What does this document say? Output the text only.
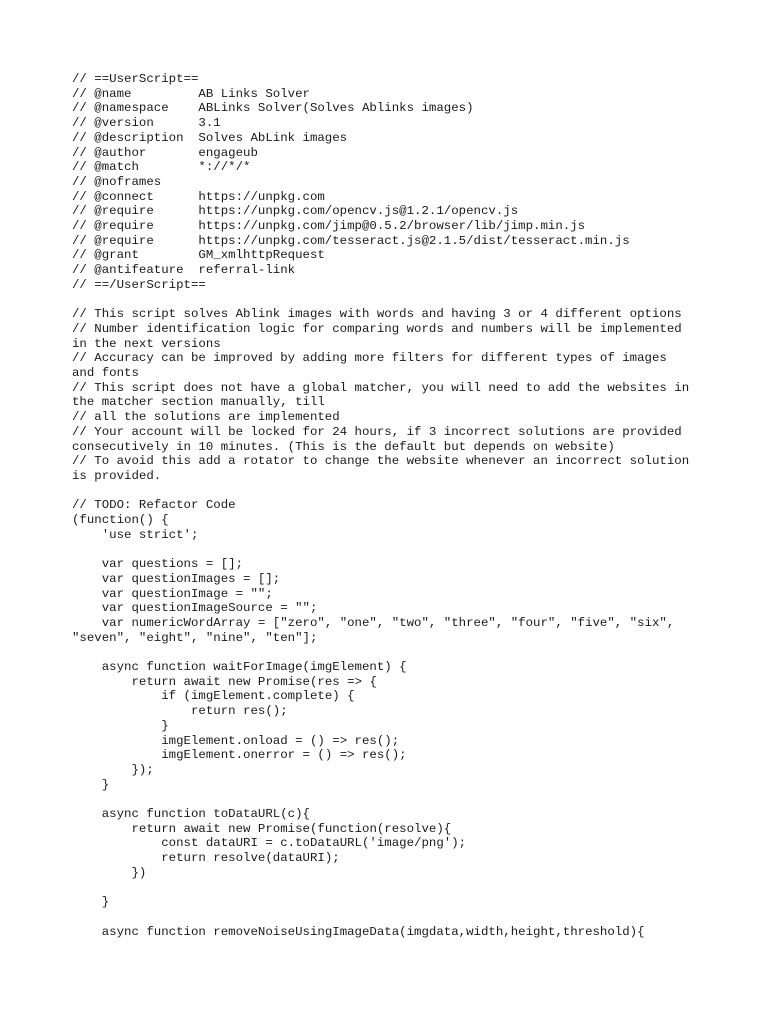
// ==UserScript==
// @name         AB Links Solver
// @namespace    ABLinks Solver(Solves Ablinks images)
// @version      3.1
// @description  Solves AbLink images
// @author       engageub
// @match        *://*/*
// @noframes
// @connect      https://unpkg.com
// @require      https://unpkg.com/opencv.js@1.2.1/opencv.js
// @require      https://unpkg.com/jimp@0.5.2/browser/lib/jimp.min.js
// @require      https://unpkg.com/tesseract.js@2.1.5/dist/tesseract.min.js
// @grant        GM_xmlhttpRequest
// @antifeature  referral-link
// ==/UserScript==
// This script solves Ablink images with words and having 3 or 4 different options
// Number identification logic for comparing words and numbers will be implemented
in the next versions
// Accuracy can be improved by adding more filters for different types of images
and fonts
// This script does not have a global matcher, you will need to add the websites in
the matcher section manually, till
// all the solutions are implemented
// Your account will be locked for 24 hours, if 3 incorrect solutions are provided
consecutively in 10 minutes. (This is the default but depends on website)
// To avoid this add a rotator to change the website whenever an incorrect solution
is provided.
// TODO: Refactor Code
(function() {
'use strict';
var questions = [];
var questionImages = [];
var questionImage = "";
var questionImageSource = "";
var numericWordArray = ["zero", "one", "two", "three", "four", "five", "six",
"seven", "eight", "nine", "ten"];
async function waitForImage(imgElement) {
return await new Promise(res => {
if (imgElement.complete) {
return res();
}
imgElement.onload = () => res();
imgElement.onerror = () => res();
});
}
async function toDataURL(c){
return await new Promise(function(resolve){
const dataURI = c.toDataURL('image/png');
return resolve(dataURI);
})
}
async function removeNoiseUsingImageData(imgdata,width,height,threshold){
